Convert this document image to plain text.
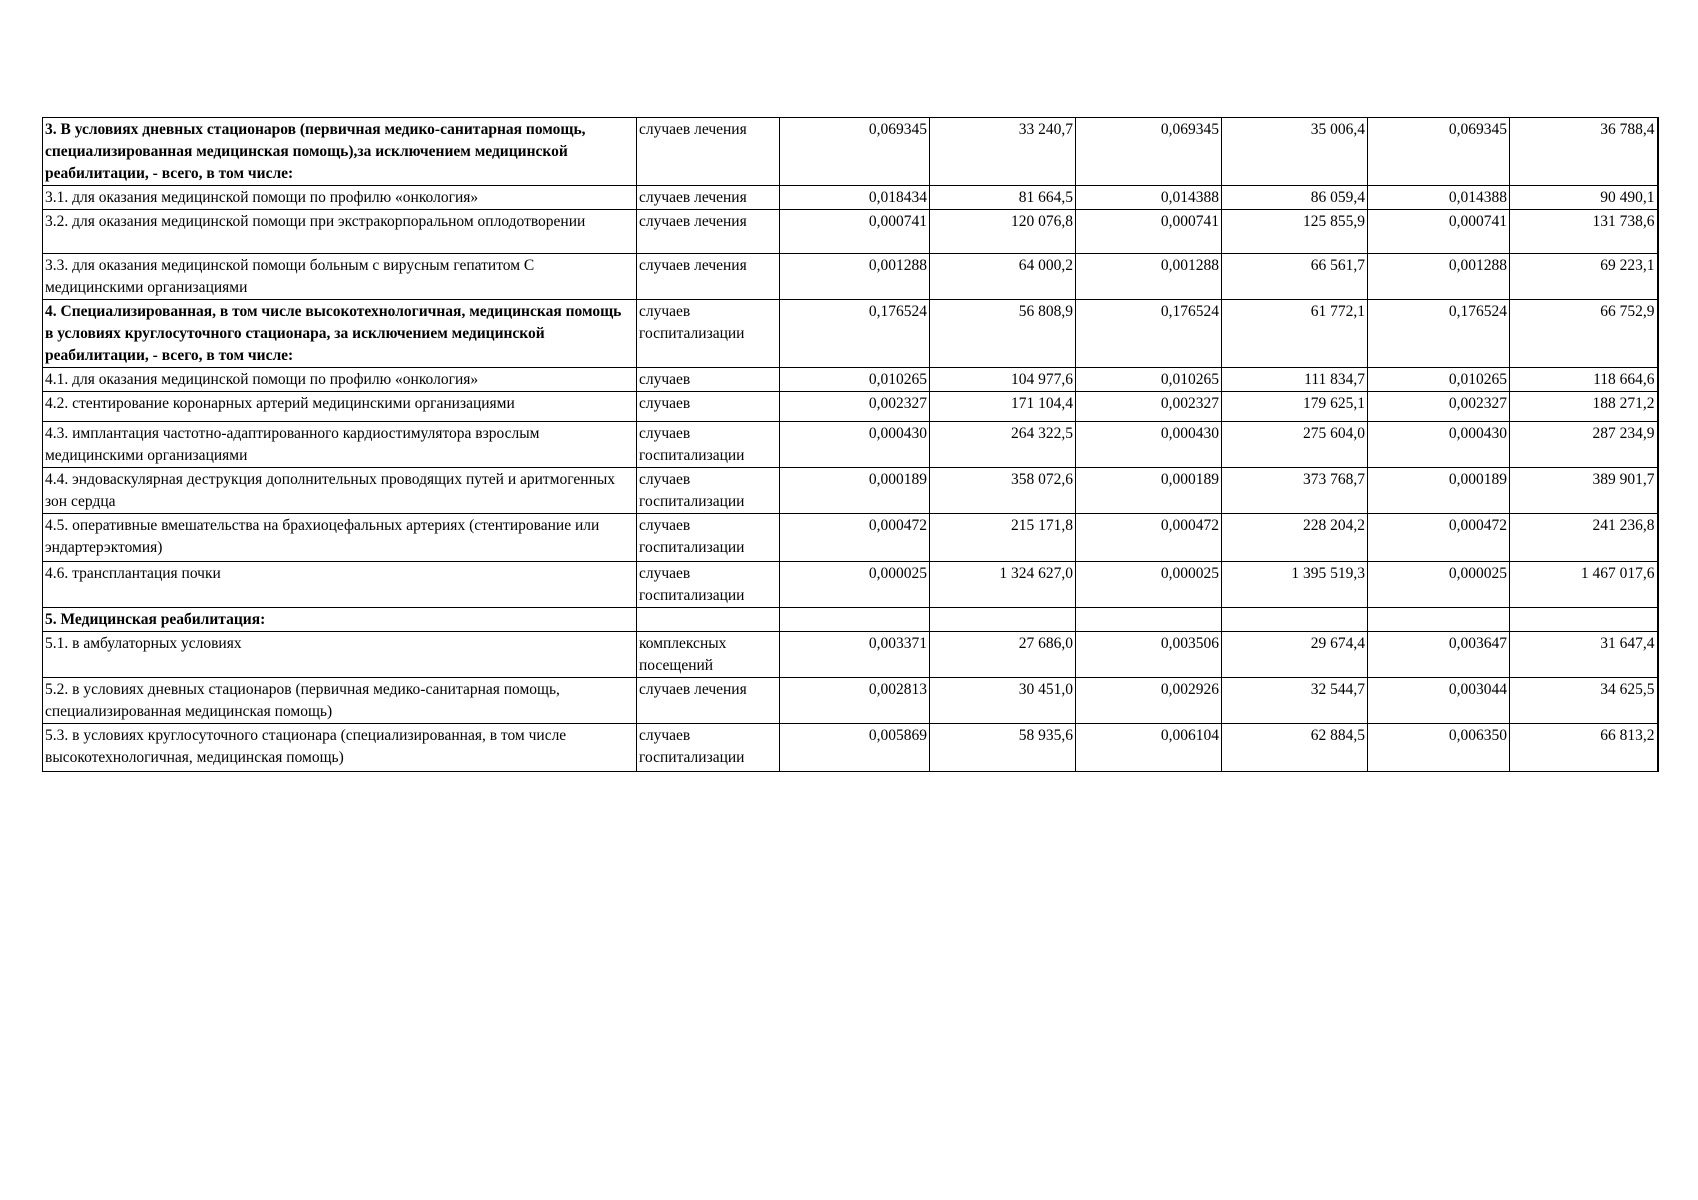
3. В условиях дневных стационаров (первичная медико-санитарная помощь, специализированная медицинская помощь),за исключением медицинской реабилитации, - всего, в том числе:	случаев лечения	0,069345	33 240,7	0,069345	35 006,4	0,069345	36 788,4
3.1. для оказания медицинской помощи по профилю «онкология»	случаев лечения	0,018434	81 664,5	0,014388	86 059,4	0,014388	90 490,1
3.2. для оказания медицинской помощи при экстракорпоральном оплодотворении	случаев лечения	0,000741	120 076,8	0,000741	125 855,9	0,000741	131 738,6
3.3. для оказания медицинской помощи больным с вирусным гепатитом С медицинскими организациями	случаев лечения	0,001288	64 000,2	0,001288	66 561,7	0,001288	69 223,1
4. Специализированная, в том числе высокотехнологичная, медицинская помощь в условиях круглосуточного стационара, за исключением медицинской реабилитации, - всего, в том числе:	случаев госпитализации	0,176524	56 808,9	0,176524	61 772,1	0,176524	66 752,9
4.1. для оказания медицинской помощи по профилю «онкология»	случаев	0,010265	104 977,6	0,010265	111 834,7	0,010265	118 664,6
4.2. стентирование коронарных артерий медицинскими организациями	случаев	0,002327	171 104,4	0,002327	179 625,1	0,002327	188 271,2
4.3. имплантация частотно-адаптированного кардиостимулятора взрослым медицинскими организациями	случаев госпитализации	0,000430	264 322,5	0,000430	275 604,0	0,000430	287 234,9
4.4. эндоваскулярная деструкция дополнительных проводящих путей и аритмогенных зон сердца	случаев госпитализации	0,000189	358 072,6	0,000189	373 768,7	0,000189	389 901,7
4.5. оперативные вмешательства на брахиоцефальных артериях (стентирование или эндартерэктомия)	случаев госпитализации	0,000472	215 171,8	0,000472	228 204,2	0,000472	241 236,8
4.6. трансплантация почки	случаев госпитализации	0,000025	1 324 627,0	0,000025	1 395 519,3	0,000025	1 467 017,6
5. Медицинская реабилитация:							
5.1. в амбулаторных условиях	комплексных посещений	0,003371	27 686,0	0,003506	29 674,4	0,003647	31 647,4
5.2. в условиях дневных стационаров (первичная медико-санитарная помощь, специализированная медицинская помощь)	случаев лечения	0,002813	30 451,0	0,002926	32 544,7	0,003044	34 625,5
5.3. в условиях круглосуточного стационара (специализированная, в том числе высокотехнологичная, медицинская помощь)	случаев госпитализации	0,005869	58 935,6	0,006104	62 884,5	0,006350	66 813,2
